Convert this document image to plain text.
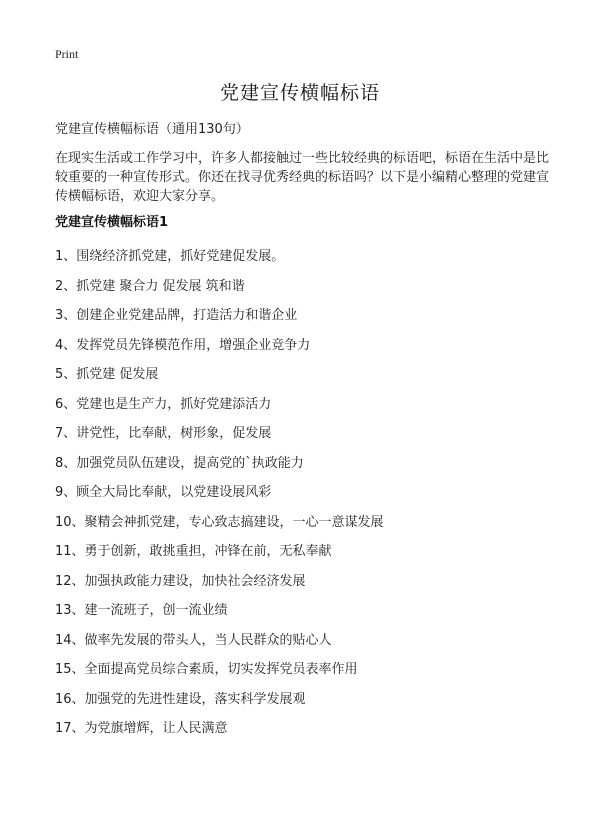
Print
党建宣传横幅标语
党建宣传横幅标语（通用130句）

在现实生活或工作学习中，许多人都接触过一些比较经典的标语吧，标语在生活中是比较重要的一种宣传形式。你还在找寻优秀经典的标语吗？以下是小编精心整理的党建宣传横幅标语，欢迎大家分享。

党建宣传横幅标语1
1、围绕经济抓党建，抓好党建促发展。
2、抓党建 聚合力 促发展 筑和谐
3、创建企业党建品牌，打造活力和谐企业
4、发挥党员先锋模范作用，增强企业竞争力
5、抓党建 促发展
6、党建也是生产力，抓好党建添活力
7、讲党性，比奉献，树形象，促发展
8、加强党员队伍建设，提高党的`执政能力
9、顾全大局比奉献，以党建设展风彩
10、聚精会神抓党建，专心致志搞建设，一心一意谋发展
11、勇于创新，敢挑重担，冲锋在前，无私奉献
12、加强执政能力建设，加快社会经济发展
13、建一流班子，创一流业绩
14、做率先发展的带头人，当人民群众的贴心人
15、全面提高党员综合素质，切实发挥党员表率作用
16、加强党的先进性建设，落实科学发展观
17、为党旗增辉，让人民满意
